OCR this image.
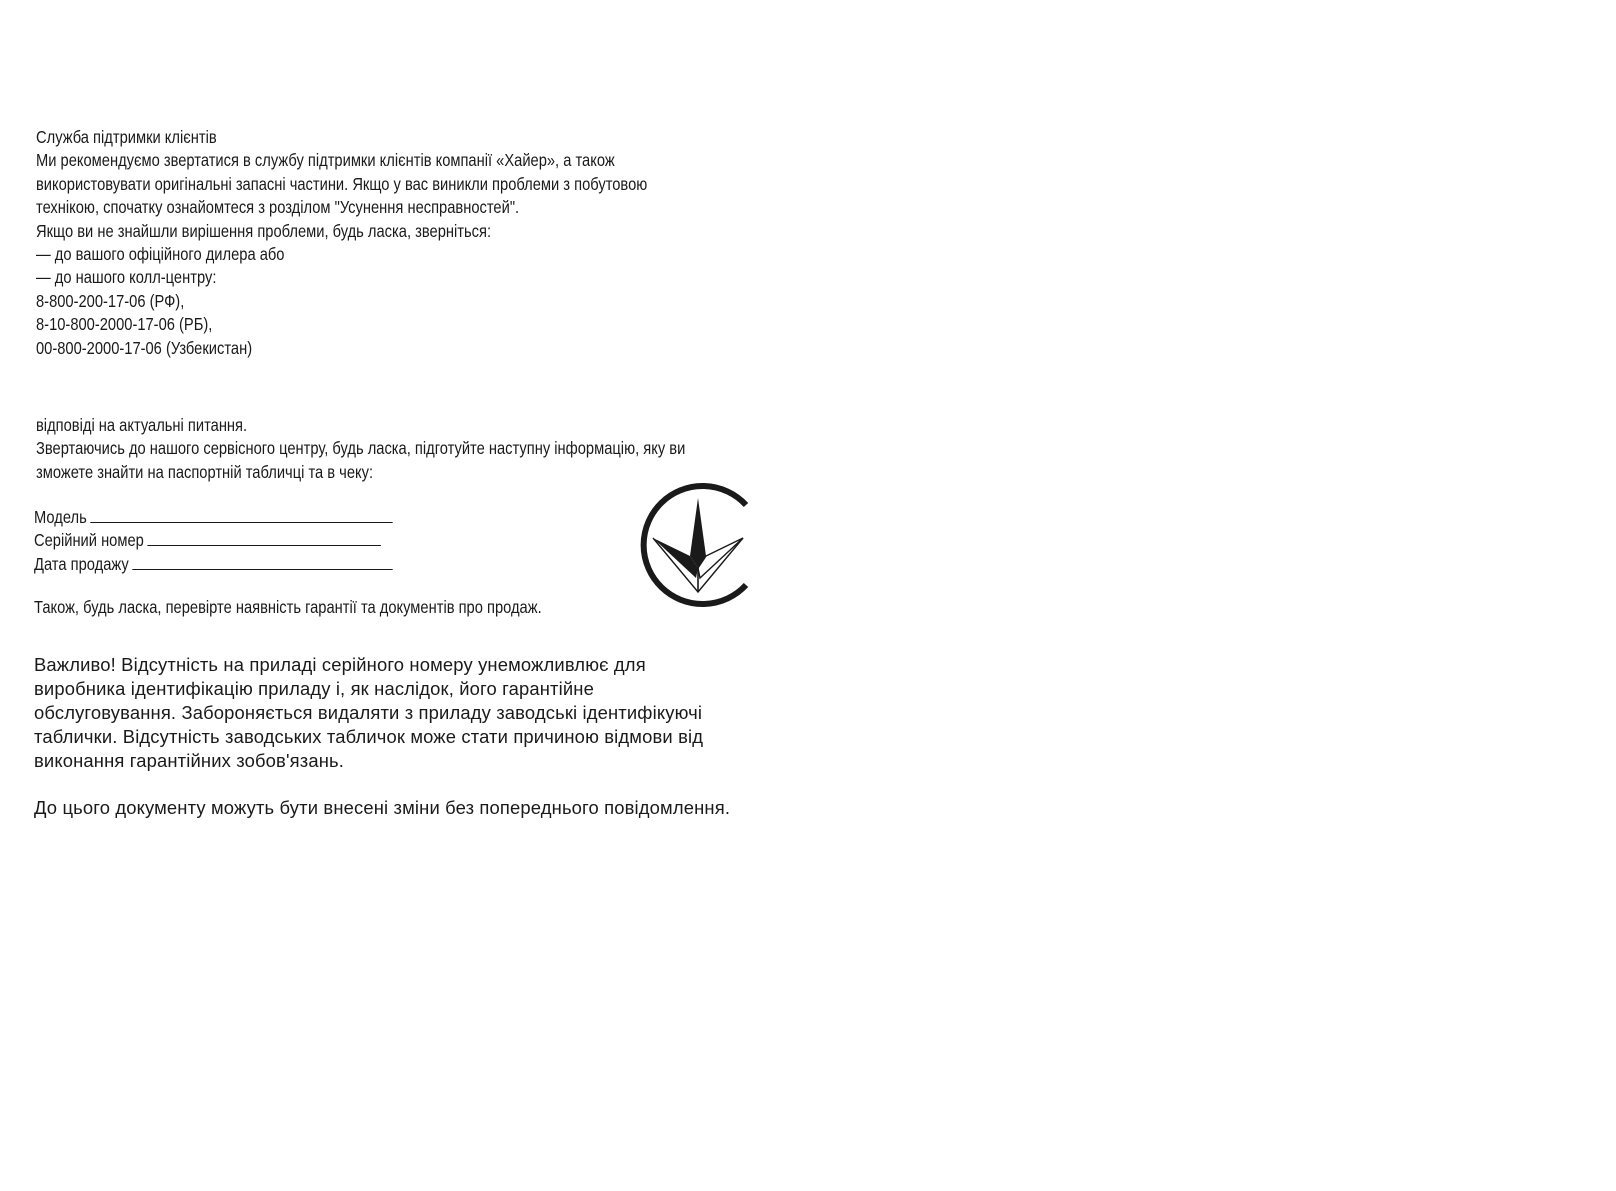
Служба підтримки клієнтів
Ми рекомендуємо звертатися в службу підтримки клієнтів компанії «Хайер», а також
використовувати оригінальні запасні частини. Якщо у вас виникли проблеми з побутовою
технікою, спочатку ознайомтеся з розділом "Усунення несправностей".
Якщо ви не знайшли вирішення проблеми, будь ласка, зверніться:
— до вашого офіційного дилера або
— до нашого колл-центру:
8-800-200-17-06 (РФ),
8-10-800-2000-17-06 (РБ),
00-800-2000-17-06 (Узбекистан)
відповіді на актуальні питання.
Звертаючись до нашого сервісного центру, будь ласка, підготуйте наступну інформацію, яку ви
зможете знайти на паспортній табличці та в чеку:
Модель
Серійний номер
Дата продажу
Також, будь ласка, перевірте наявність гарантії та документів про продаж.
Важливо! Відсутність на приладі серійного номеру унеможливлює для
виробника ідентифікацію приладу і, як наслідок, його гарантійне
обслуговування. Забороняється видаляти з приладу заводські ідентифікуючі
таблички. Відсутність заводських табличок може стати причиною відмови від
виконання гарантійних зобов'язань.
До цього документу можуть бути внесені зміни без попереднього повідомлення.
